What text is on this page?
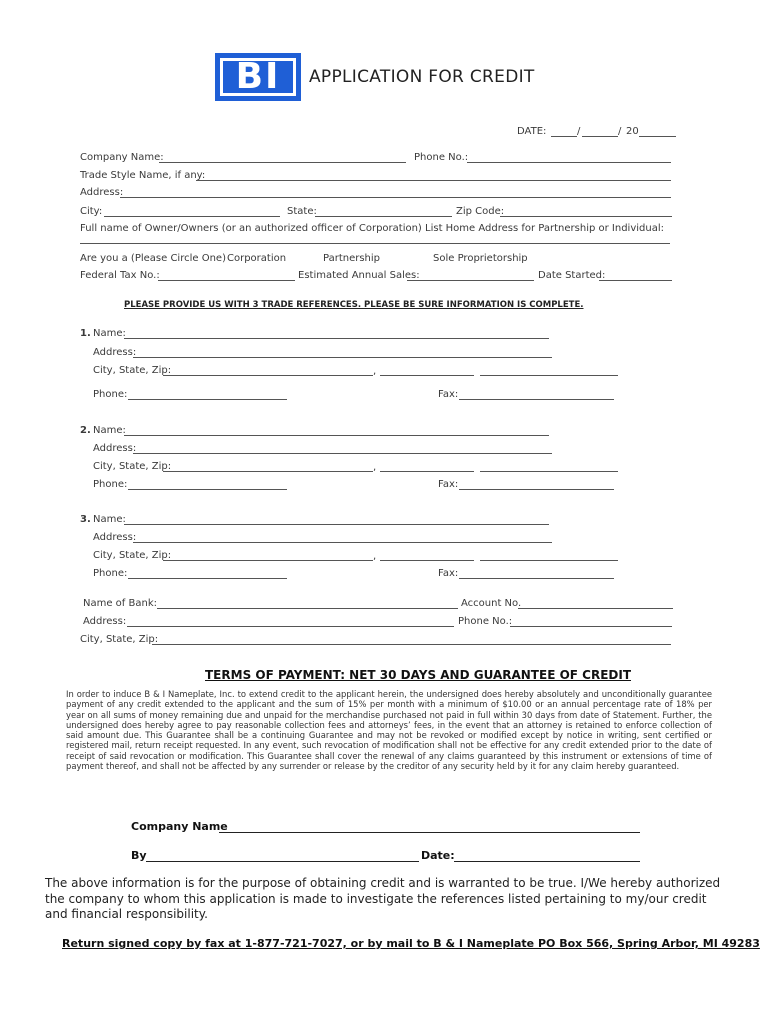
BI	APPLICATION FOR CREDIT
DATE:	/	/ 20
Company Name:	Phone No.:
Trade Style Name, if any:
Address:
City:	State:	Zip Code:
Full name of Owner/Owners (or an authorized officer of Corporation) List Home Address for Partnership or Individual:
Are you a (Please Circle One) Corporation	Partnership	Sole Proprietorship
Federal Tax No.:	Estimated Annual Sales:	Date Started:
PLEASE PROVIDE US WITH 3 TRADE REFERENCES. PLEASE BE SURE INFORMATION IS COMPLETE.
1. Name:
Address:
City, State, Zip:	,
Phone:	Fax:
2. Name:
Address:
City, State, Zip:	,
Phone:	Fax:
3. Name:
Address:
City, State, Zip:	,
Phone:	Fax:
Name of Bank:	Account No.
Address:	Phone No.:
City, State, Zip:
TERMS OF PAYMENT: NET 30 DAYS AND GUARANTEE OF CREDIT
In order to induce B & I Nameplate, Inc. to extend credit to the applicant herein, the undersigned does hereby absolutely and unconditionally guarantee payment of any credit extended to the applicant and the sum of 15% per month with a minimum of $10.00 or an annual percentage rate of 18% per year on all sums of money remaining due and unpaid for the merchandise purchased not paid in full within 30 days from date of Statement. Further, the undersigned does hereby agree to pay reasonable collection fees and attorneys’ fees, in the event that an attorney is retained to enforce collection of said amount due. This Guarantee shall be a continuing Guarantee and may not be revoked or modified except by notice in writing, sent certified or registered mail, return receipt requested. In any event, such revocation of modification shall not be effective for any credit extended prior to the date of receipt of said revocation or modification. This Guarantee shall cover the renewal of any claims guaranteed by this instrument or extensions of time of payment thereof, and shall not be affected by any surrender or release by the creditor of any security held by it for any claim hereby guaranteed.
Company Name
By	Date:
The above information is for the purpose of obtaining credit and is warranted to be true. I/We hereby authorized the company to whom this application is made to investigate the references listed pertaining to my/our credit and financial responsibility.
Return signed copy by fax at 1-877-721-7027, or by mail to B & I Nameplate PO Box 566, Spring Arbor, MI 49283
